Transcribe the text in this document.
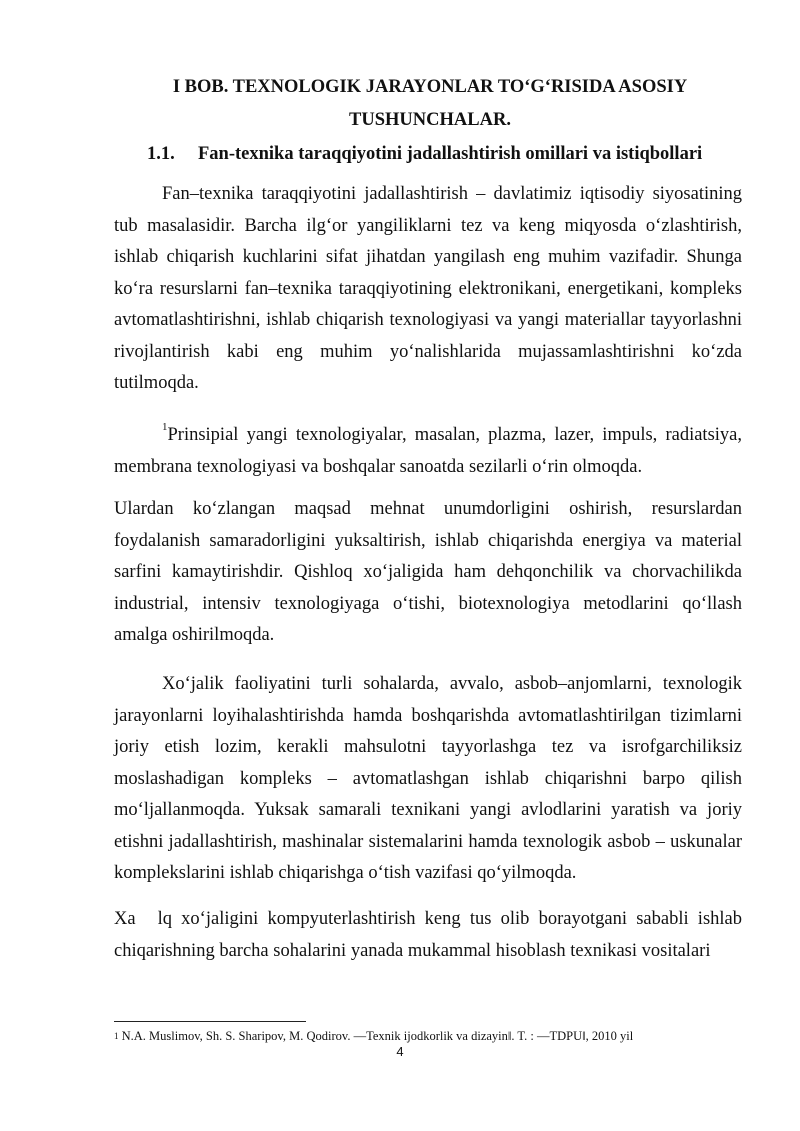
I BOB. TEXNOLOGIK JARAYONLAR TO‘G‘RISIDA ASOSIY
TUSHUNCHALAR.
1.1. Fan-texnika taraqqiyotini jadallashtirish omillari va istiqbollari

Fan–texnika taraqqiyotini jadallashtirish – davlatimiz iqtisodiy siyosatining tub masalasidir. Barcha ilg‘or yangiliklarni tez va keng miqyosda o‘zlashtirish, ishlab chiqarish kuchlarini sifat jihatdan yangilash eng muhim vazifadir. Shunga ko‘ra resurslarni fan–texnika taraqqiyotining elektronikani, energetikani, kompleks avtomatlashtirishni, ishlab chiqarish texnologiyasi va yangi materiallar tayyorlashni rivojlantirish kabi eng muhim yo‘nalishlarida mujassamlashtirishni ko‘zda tutilmoqda.

$^1$Prinsipial yangi texnologiyalar, masalan, plazma, lazer, impuls, radiatsiya, membrana texnologiyasi va boshqalar sanoatda sezilarli o‘rin olmoqda.

Ulardan ko‘zlangan maqsad mehnat unumdorligini oshirish, resurslardan foydalanish samaradorligini yuksaltirish, ishlab chiqarishda energiya va material sarfini kamaytirishdir. Qishloq xo‘jaligida ham dehqonchilik va chorvachilikda industrial, intensiv texnologiyaga o‘tishi, biotexnologiya metodlarini qo‘llash amalga oshirilmoqda.

Xo‘jalik faoliyatini turli sohalarda, avvalo, asbob–anjomlarni, texnologik jarayonlarni loyihalashtirishda hamda boshqarishda avtomatlashtirilgan tizimlarni joriy etish lozim, kerakli mahsulotni tayyorlashga tez va isrofgarchiliksiz moslashadigan kompleks – avtomatlashgan ishlab chiqarishni barpo qilish mo‘ljallanmoqda. Yuksak samarali texnikani yangi avlodlarini yaratish va joriy etishni jadallashtirish, mashinalar sistemalarini hamda texnologik asbob – uskunalar komplekslarini ishlab chiqarishga o‘tish vazifasi qo‘yilmoqda.

Xa lq xo‘jaligini kompyuterlashtirish keng tus olib borayotgani sababli ishlab chiqarishning barcha sohalarini yanada mukammal hisoblash texnikasi vositalari

$^1$ N.A. Muslimov, Sh. S. Sharipov, M. Qodirov. ―Texnik ijodkorlik va dizayinǁ. T. : ―TDPUǁ, 2010 yil
4
